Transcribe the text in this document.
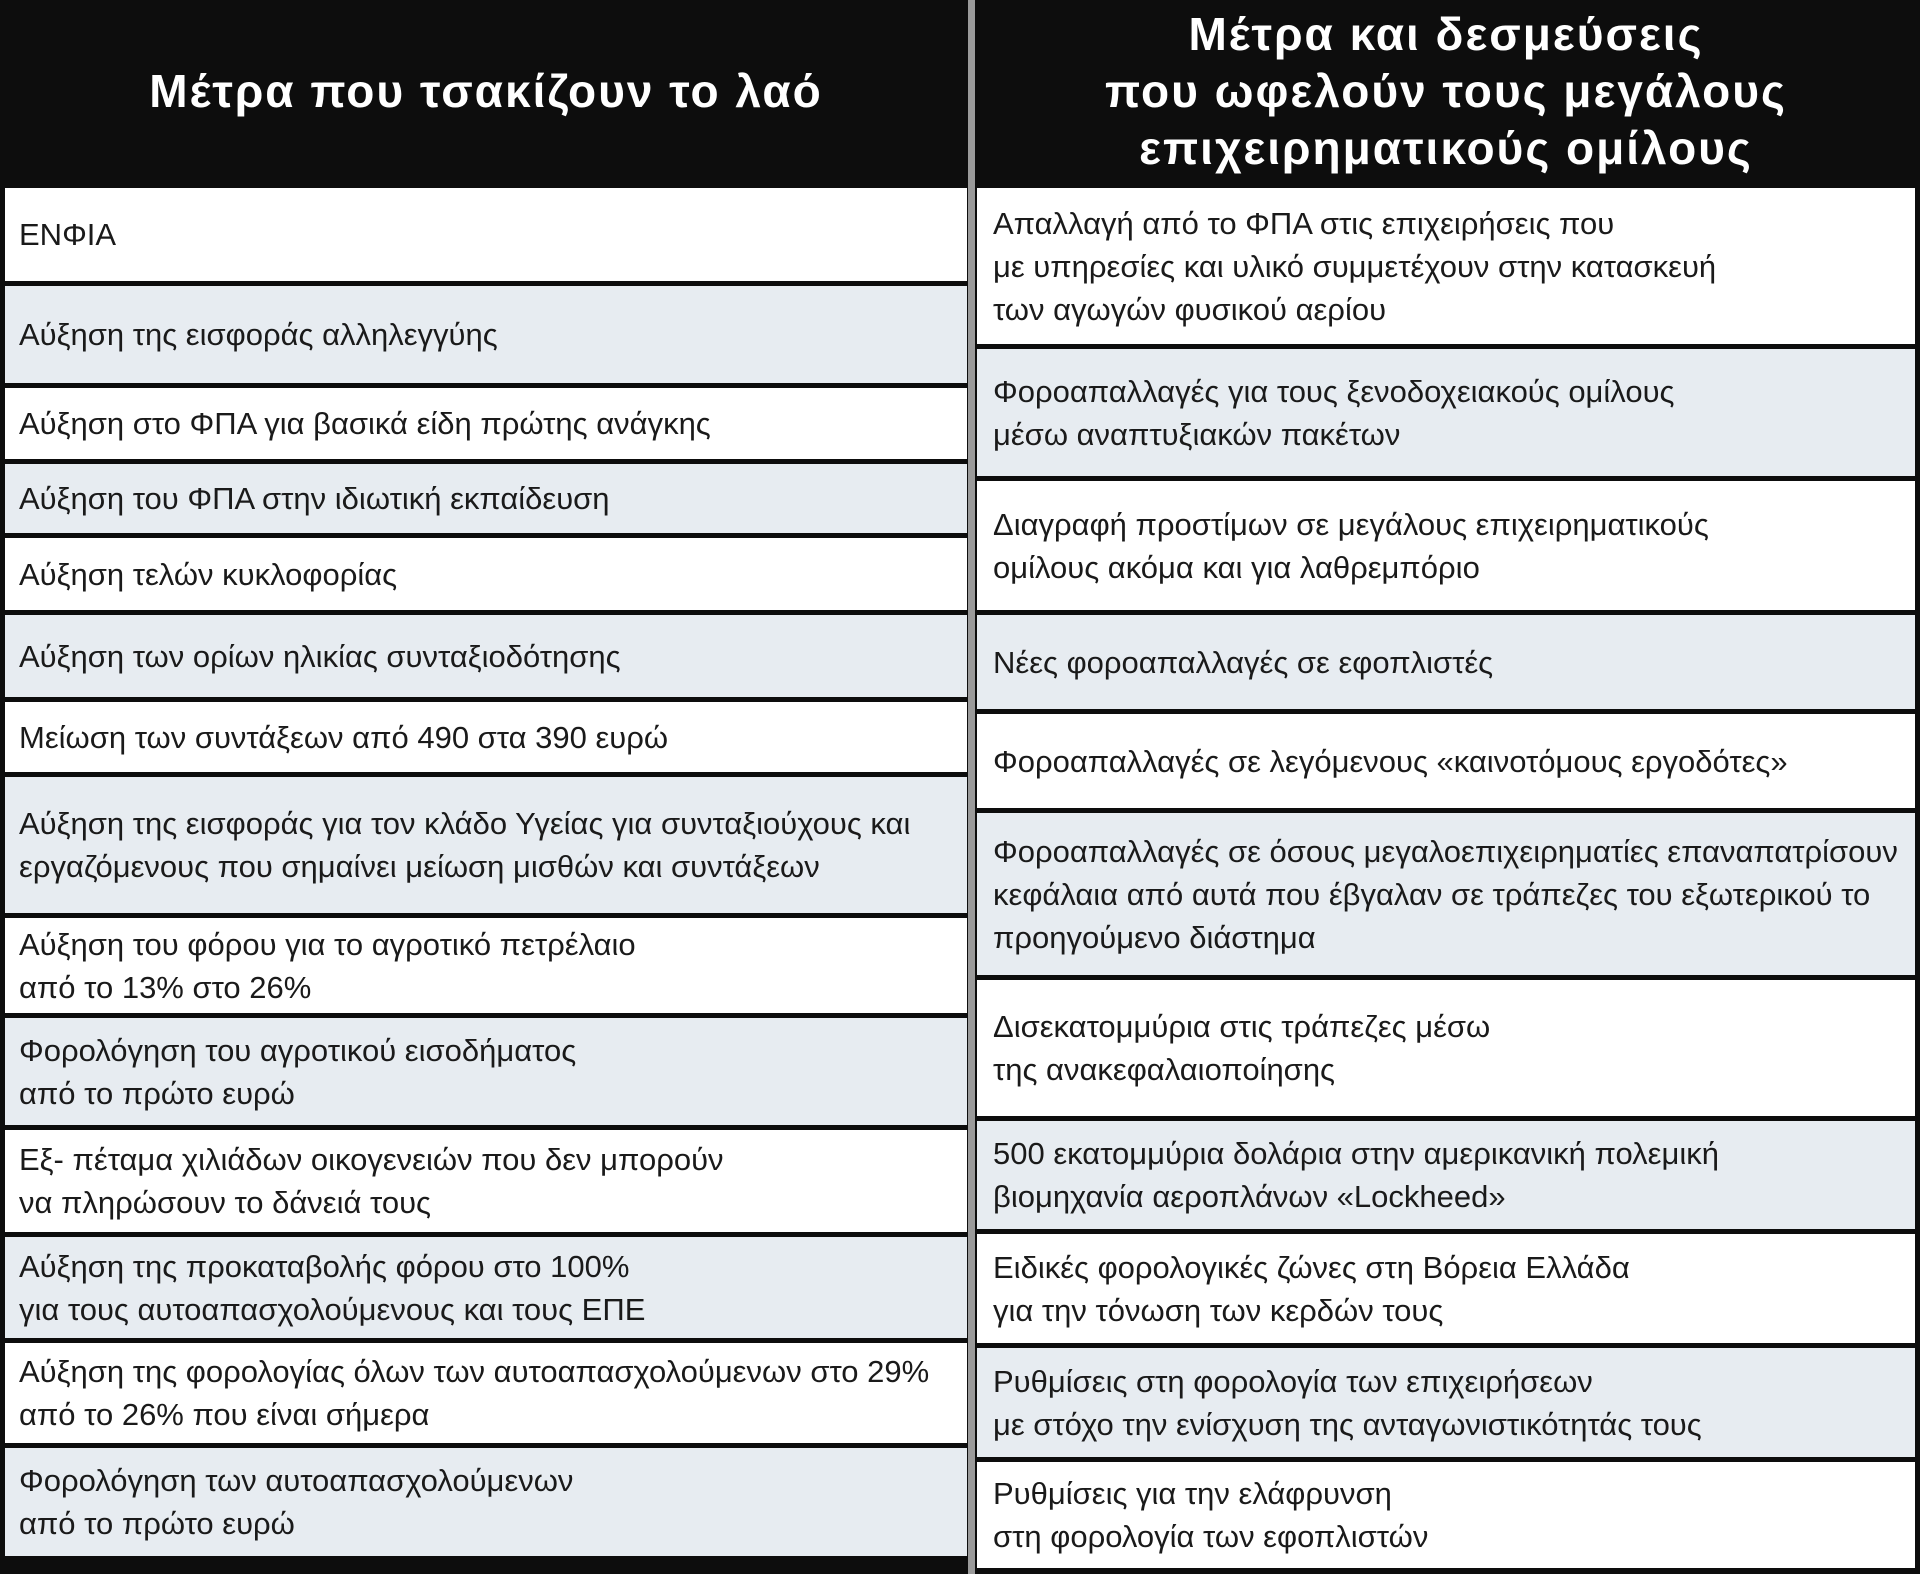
Μέτρα που τσακίζουν το λαό
ΕΝΦΙΑ
Αύξηση της εισφοράς αλληλεγγύης
Αύξηση στο ΦΠΑ για βασικά είδη πρώτης ανάγκης
Αύξηση του ΦΠΑ στην ιδιωτική εκπαίδευση
Αύξηση τελών κυκλοφορίας
Αύξηση των ορίων ηλικίας συνταξιοδότησης
Μείωση των συντάξεων από 490 στα 390 ευρώ
Αύξηση της εισφοράς για τον κλάδο Υγείας για συνταξιούχους και εργαζόμενους που σημαίνει μείωση μισθών και συντάξεων
Αύξηση του φόρου για το αγροτικό πετρέλαιο
από το 13% στο 26%
Φορολόγηση του αγροτικού εισοδήματος
από το πρώτο ευρώ
Εξ- πέταμα χιλιάδων οικογενειών που δεν μπορούν
να πληρώσουν το δάνειά τους
Αύξηση της προκαταβολής φόρου στο 100%
για τους αυτοαπασχολούμενους και τους ΕΠΕ
Αύξηση της φορολογίας όλων των αυτοαπασχολούμενων στο 29% από το 26% που είναι σήμερα
Φορολόγηση των αυτοαπασχολούμενων
από το πρώτο ευρώ
Μέτρα και δεσμεύσεις
που ωφελούν τους μεγάλους
επιχειρηματικούς ομίλους
Απαλλαγή από το ΦΠΑ στις επιχειρήσεις που
με υπηρεσίες και υλικό συμμετέχουν στην κατασκευή
των αγωγών φυσικού αερίου
Φοροαπαλλαγές για τους ξενοδοχειακούς ομίλους
μέσω αναπτυξιακών πακέτων
Διαγραφή προστίμων σε μεγάλους επιχειρηματικούς
ομίλους ακόμα και για λαθρεμπόριο
Νέες φοροαπαλλαγές σε εφοπλιστές
Φοροαπαλλαγές σε λεγόμενους «καινοτόμους εργοδότες»
Φοροαπαλλαγές σε όσους μεγαλοεπιχειρηματίες επαναπατρίσουν κεφάλαια από αυτά που έβγαλαν σε τράπεζες του εξωτερικού το προηγούμενο διάστημα
Δισεκατομμύρια στις τράπεζες μέσω
της ανακεφαλαιοποίησης
500 εκατομμύρια δολάρια στην αμερικανική πολεμική
βιομηχανία αεροπλάνων «Lockheed»
Ειδικές φορολογικές ζώνες στη Βόρεια Ελλάδα
για την τόνωση των κερδών τους
Ρυθμίσεις στη φορολογία των επιχειρήσεων
με στόχο την ενίσχυση της ανταγωνιστικότητάς τους
Ρυθμίσεις για την ελάφρυνση
στη φορολογία των εφοπλιστών
